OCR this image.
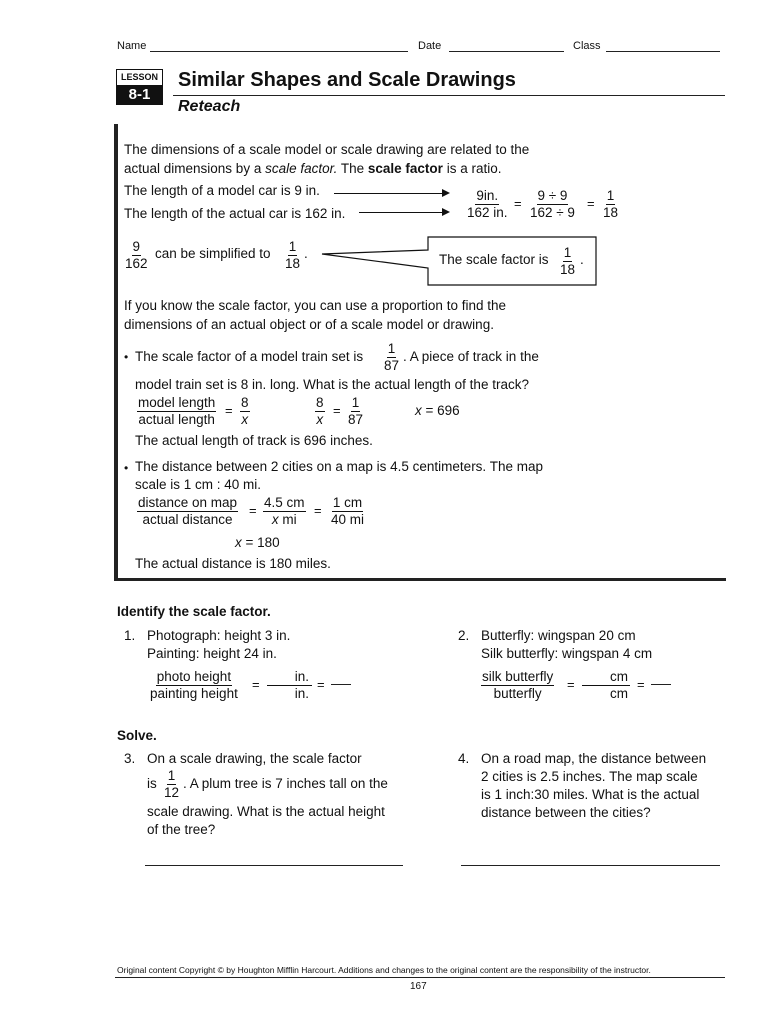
Name	Date	Class
LESSON
8-1
Similar Shapes and Scale Drawings
Reteach
The dimensions of a scale model or scale drawing are related to the
actual dimensions by a scale factor. The scale factor is a ratio.
The length of a model car is 9 in.
The length of the actual car is 162 in.	$\frac{9in.}{162 in.} = \frac{9 \div 9}{162 \div 9} = \frac{1}{18}$
$\frac{9}{162}$ can be simplified to $\frac{1}{18}$ .	The scale factor is $\frac{1}{18}$ .
If you know the scale factor, you can use a proportion to find the
dimensions of an actual object or of a scale model or drawing.
• The scale factor of a model train set is $\frac{1}{87}$ . A piece of track in the
model train set is 8 in. long. What is the actual length of the track?
model length
actual length
= $\frac{8}{x}$	$\frac{8}{x} = \frac{1}{87}$	x = 696
The actual length of track is 696 inches.
• The distance between 2 cities on a map is 4.5 centimeters. The map
scale is 1 cm : 40 mi.
distance on map
actual distance
= $\frac{4.5 cm}{\text{x mi}} = \frac{1 cm}{40 mi}$
x = 180
The actual distance is 180 miles.
Identify the scale factor.
1. Photograph: height 3 in.
Painting: height 24 in.
photo height
painting height
= $\frac{in.}{in.}$ =
2. Butterfly: wingspan 20 cm
Silk butterfly: wingspan 4 cm
silk butterfly
butterfly
= $\frac{cm}{cm}$ =
Solve.
3. On a scale drawing, the scale factor
is $\frac{1}{12}$ . A plum tree is 7 inches tall on the
scale drawing. What is the actual height
of the tree?
4. On a road map, the distance between
2 cities is 2.5 inches. The map scale
is 1 inch:30 miles. What is the actual
distance between the cities?
Original content Copyright © by Houghton Mifflin Harcourt. Additions and changes to the original content are the responsibility of the instructor.
167
